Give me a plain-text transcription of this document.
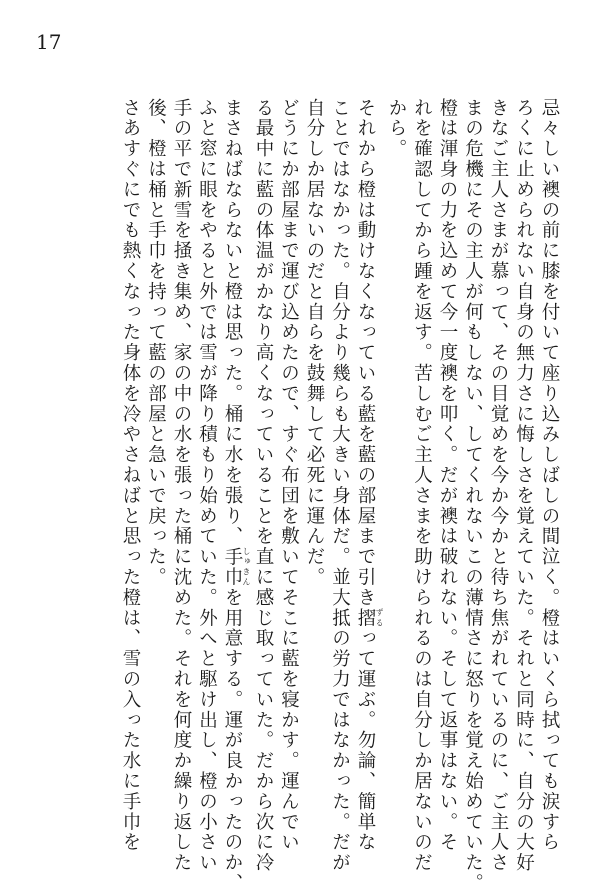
17
忌々しい襖の前に膝を付いて座り込みしばしの間泣く。橙はいくら拭っても涙すら
ろくに止められない自身の無力さに悔しさを覚えていた。それと同時に、自分の大好
きなご主人さまが慕って、その目覚めを今か今かと待ち焦がれているのに、ご主人さ
まの危機にその主人が何もしない、してくれないこの薄情さに怒りを覚え始めていた。
橙は渾身の力を込めて今一度襖を叩く。だが襖は破れない。そして返事はない。そ
れを確認してから踵を返す。苦しむご主人さまを助けられるのは自分しか居ないのだ
から。
それから橙は動けなくなっている藍を藍の部屋まで引き摺 ずるって運ぶ。勿論、簡単な
ことではなかった。自分より幾らも大きい身体だ。並大抵の労力ではなかった。だが
自分しか居ないのだと自らを鼓舞して必死に運んだ。
どうにか部屋まで運び込めたので、すぐ布団を敷いてそこに藍を寝かす。運んでい
る最中に藍の体温がかなり高くなっていることを直に感じ取っていた。だから次に冷
まさねばならないと橙は思った。桶に水を張り、手巾 しゅきんを用意する。運が良かったのか、
ふと窓に眼をやると外では雪が降り積もり始めていた。外へと駆け出し、橙の小さい
手の平で新雪を掻き集め、家の中の水を張った桶に沈めた。それを何度か繰り返した
後、橙は桶と手巾を持って藍の部屋と急いで戻った。
さあすぐにでも熱くなった身体を冷やさねばと思った橙は、雪の入った水に手巾を
